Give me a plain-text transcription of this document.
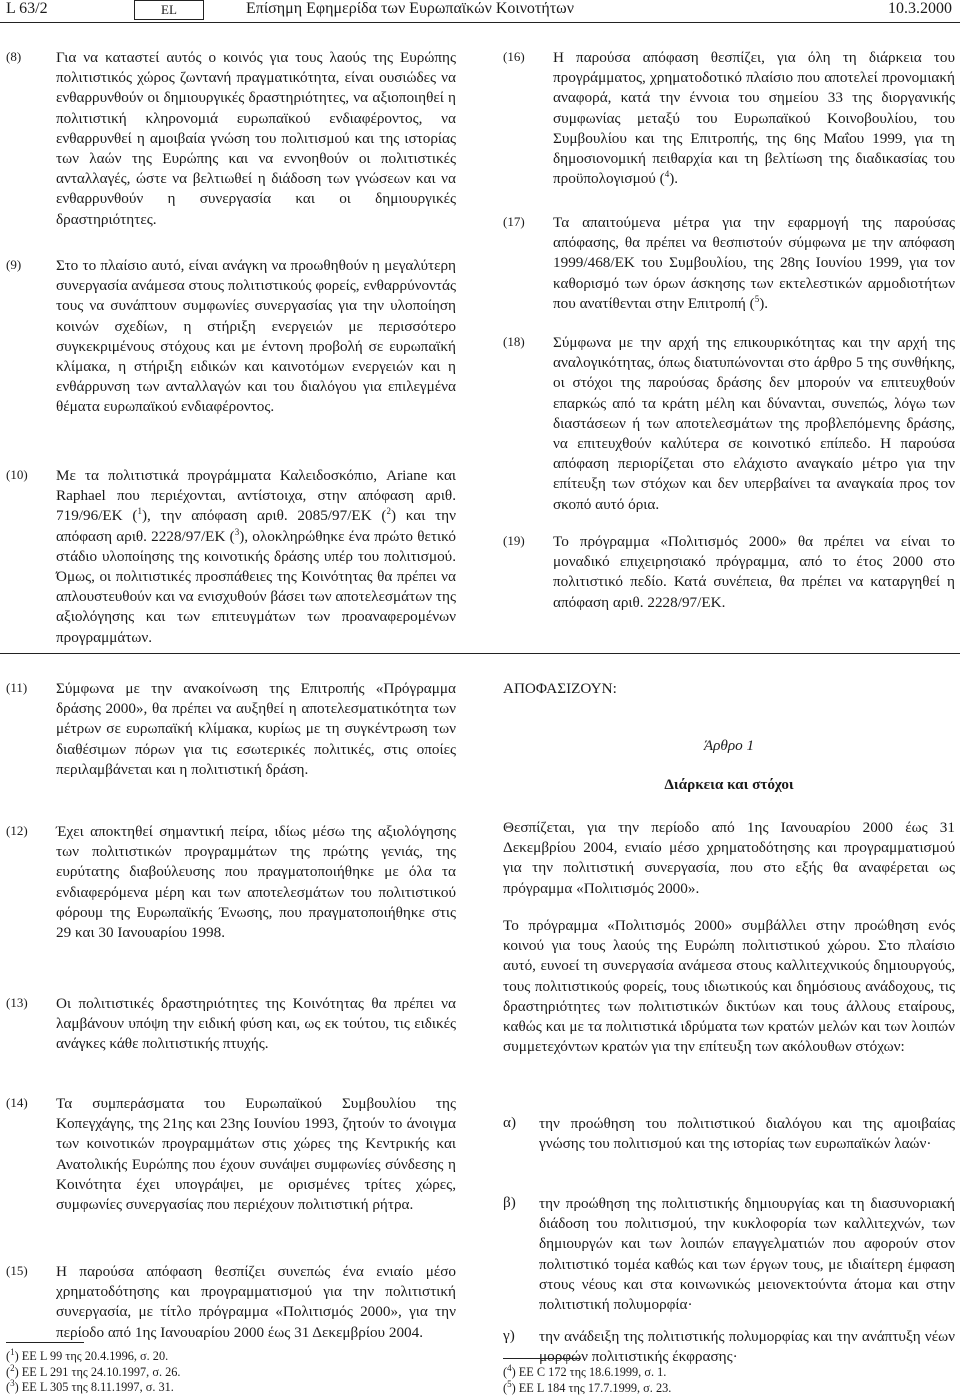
L 63/2	EL	Επίσημη Εφημερίδα των Ευρωπαϊκών Κοινοτήτων	10.3.2000
(8)	Για να καταστεί αυτός ο κοινός για τους λαούς της Ευρώπης πολιτιστικός χώρος ζωντανή πραγματικότητα, είναι ουσιώδες να ενθαρρυνθούν οι δημιουργικές δραστηριότητες, να αξιοποιηθεί η πολιτιστική κληρονομιά ευρωπαϊκού ενδιαφέροντος, να ενθαρρυνθεί η αμοιβαία γνώση του πολιτισμού και της ιστορίας των λαών της Ευρώπης και να εννοηθούν οι πολιτιστικές ανταλλαγές, ώστε να βελτιωθεί η διάδοση των γνώσεων και να ενθαρρυνθούν η συνεργασία και οι δημιουργικές δραστηριότητες.
(9)	Στο το πλαίσιο αυτό, είναι ανάγκη να προωθηθούν η μεγαλύτερη συνεργασία ανάμεσα στους πολιτιστικούς φορείς, ενθαρρύνοντάς τους να συνάπτουν συμφωνίες συνεργασίας για την υλοποίηση κοινών σχεδίων, η στήριξη ενεργειών με περισσότερο συγκεκριμένους στόχους και με έντονη προβολή σε ευρωπαϊκή κλίμακα, η στήριξη ειδικών και καινοτόμων ενεργειών και η ενθάρρυνση των ανταλλαγών και του διαλόγου για επιλεγμένα θέματα ευρωπαϊκού ενδιαφέροντος.
(10)	Με τα πολιτιστικά προγράμματα Καλειδοσκόπιο, Ariane και Raphael που περιέχονται, αντίστοιχα, στην απόφαση αριθ. 719/96/ΕΚ ($^1$), την απόφαση αριθ. 2085/97/ΕΚ ($^2$) και την απόφαση αριθ. 2228/97/ΕΚ ($^3$), ολοκληρώθηκε ένα πρώτο θετικό στάδιο υλοποίησης της κοινοτικής δράσης υπέρ του πολιτισμού. Όμως, οι πολιτιστικές προσπάθειες της Κοινότητας θα πρέπει να απλουστευθούν και να ενισχυθούν βάσει των αποτελεσμάτων της αξιολόγησης και των επιτευγμάτων των προαναφερομένων προγραμμάτων.
(16)	Η παρούσα απόφαση θεσπίζει, για όλη τη διάρκεια του προγράμματος, χρηματοδοτικό πλαίσιο που αποτελεί προνομιακή αναφορά, κατά την έννοια του σημείου 33 της διοργανικής συμφωνίας μεταξύ του Ευρωπαϊκού Κοινοβουλίου, του Συμβουλίου και της Επιτροπής, της 6ης Μαΐου 1999, για τη δημοσιονομική πειθαρχία και τη βελτίωση της διαδικασίας του προϋπολογισμού ($^4$).
(17)	Τα απαιτούμενα μέτρα για την εφαρμογή της παρούσας απόφασης, θα πρέπει να θεσπιστούν σύμφωνα με την απόφαση 1999/468/ΕΚ του Συμβουλίου, της 28ης Ιουνίου 1999, για τον καθορισμό των όρων άσκησης των εκτελεστικών αρμοδιοτήτων που ανατίθενται στην Επιτροπή ($^5$).
(18)	Σύμφωνα με την αρχή της επικουρικότητας και την αρχή της αναλογικότητας, όπως διατυπώνονται στο άρθρο 5 της συνθήκης, οι στόχοι της παρούσας δράσης δεν μπορούν να επιτευχθούν επαρκώς από τα κράτη μέλη και δύνανται, συνεπώς, λόγω των διαστάσεων ή των αποτελεσμάτων της προβλεπόμενης δράσης, να επιτευχθούν καλύτερα σε κοινοτικό επίπεδο. Η παρούσα απόφαση περιορίζεται στο ελάχιστο αναγκαίο μέτρο για την επίτευξη των στόχων και δεν υπερβαίνει τα αναγκαία προς τον σκοπό αυτό όρια.
(19)	Το πρόγραμμα «Πολιτισμός 2000» θα πρέπει να είναι το μοναδικό επιχειρησιακό πρόγραμμα, από το έτος 2000 στο πολιτιστικό πεδίο. Κατά συνέπεια, θα πρέπει να καταργηθεί η απόφαση αριθ. 2228/97/ΕΚ.
(11)	Σύμφωνα με την ανακοίνωση της Επιτροπής «Πρόγραμμα δράσης 2000», θα πρέπει να αυξηθεί η αποτελεσματικότητα των μέτρων σε ευρωπαϊκή κλίμακα, κυρίως με τη συγκέντρωση των διαθέσιμων πόρων για τις εσωτερικές πολιτικές, στις οποίες περιλαμβάνεται και η πολιτιστική δράση.
(12)	Έχει αποκτηθεί σημαντική πείρα, ιδίως μέσω της αξιολόγησης των πολιτιστικών προγραμμάτων της πρώτης γενιάς, της ευρύτατης διαβούλευσης που πραγματοποιήθηκε με όλα τα ενδιαφερόμενα μέρη και των αποτελεσμάτων του πολιτιστικού φόρουμ της Ευρωπαϊκής Ένωσης, που πραγματοποιήθηκε στις 29 και 30 Ιανουαρίου 1998.
(13)	Οι πολιτιστικές δραστηριότητες της Κοινότητας θα πρέπει να λαμβάνουν υπόψη την ειδική φύση και, ως εκ τούτου, τις ειδικές ανάγκες κάθε πολιτιστικής πτυχής.
(14)	Τα συμπεράσματα του Ευρωπαϊκού Συμβουλίου της Κοπεγχάγης, της 21ης και 23ης Ιουνίου 1993, ζητούν το άνοιγμα των κοινοτικών προγραμμάτων στις χώρες της Κεντρικής και Ανατολικής Ευρώπης που έχουν συνάψει συμφωνίες σύνδεσης η Κοινότητα έχει υπογράψει, με ορισμένες τρίτες χώρες, συμφωνίες συνεργασίας που περιέχουν πολιτιστική ρήτρα.
(15)	Η παρούσα απόφαση θεσπίζει συνεπώς ένα ενιαίο μέσο χρηματοδότησης και προγραμματισμού για την πολιτιστική συνεργασία, με τίτλο πρόγραμμα «Πολιτισμός 2000», για την περίοδο από 1ης Ιανουαρίου 2000 έως 31 Δεκεμβρίου 2004.
ΑΠΟΦΑΣΙΖΟΥΝ:
Άρθρο 1
Διάρκεια και στόχοι
Θεσπίζεται, για την περίοδο από 1ης Ιανουαρίου 2000 έως 31 Δεκεμβρίου 2004, ενιαίο μέσο χρηματοδότησης και προγραμματισμού για την πολιτιστική συνεργασία, που στο εξής θα αναφέρεται ως πρόγραμμα «Πολιτισμός 2000».
Το πρόγραμμα «Πολιτισμός 2000» συμβάλλει στην προώθηση ενός κοινού για τους λαούς της Ευρώπη πολιτιστικού χώρου. Στο πλαίσιο αυτό, ευνοεί τη συνεργασία ανάμεσα στους καλλιτεχνικούς δημιουργούς, τους πολιτιστικούς φορείς, τους ιδιωτικούς και δημόσιους ανάδοχους, τις δραστηριότητες των πολιτιστικών δικτύων και τους άλλους εταίρους, καθώς και με τα πολιτιστικά ιδρύματα των κρατών μελών και των λοιπών συμμετεχόντων κρατών για την επίτευξη των ακόλουθων στόχων:
α)	την προώθηση του πολιτιστικού διαλόγου και της αμοιβαίας γνώσης του πολιτισμού και της ιστορίας των ευρωπαϊκών λαών·
β)	την προώθηση της πολιτιστικής δημιουργίας και τη διασυνοριακή διάδοση του πολιτισμού, την κυκλοφορία των καλλιτεχνών, των δημιουργών και των λοιπών επαγγελματιών που αφορούν στον πολιτιστικό τομέα καθώς και των έργων τους, με ιδιαίτερη έμφαση στους νέους και στα κοινωνικώς μειονεκτούντα άτομα και στην πολιτιστική πολυμορφία·
γ)	την ανάδειξη της πολιτιστικής πολυμορφίας και την ανάπτυξη νέων μορφών πολιτιστικής έκφρασης·
($^1$) ΕΕ L 99 της 20.4.1996, σ. 20.
($^2$) ΕΕ L 291 της 24.10.1997, σ. 26.
($^3$) ΕΕ L 305 της 8.11.1997, σ. 31.
($^4$) ΕΕ C 172 της 18.6.1999, σ. 1.
($^5$) ΕΕ L 184 της 17.7.1999, σ. 23.
